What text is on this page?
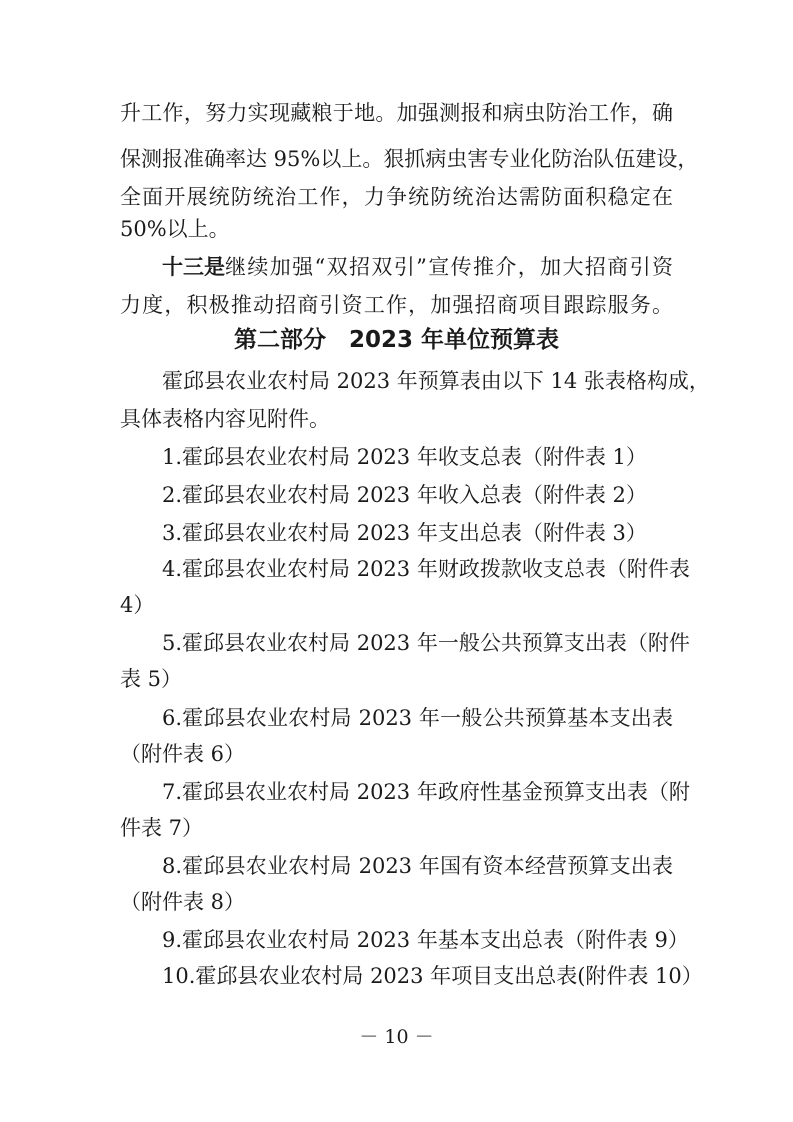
升工作，努力实现藏粮于地。加强测报和病虫防治工作，确
保测报准确率达 95%以上。狠抓病虫害专业化防治队伍建设，
全面开展统防统治工作，力争统防统治达需防面积稳定在
50%以上。
十三是 继续加强“双招双引”宣传推介，加大招商引资
力度，积极推动招商引资工作，加强招商项目跟踪服务。
第二部分　2023 年单位预算表
霍邱县农业农村局 2023 年预算表由以下 14 张表格构成，
具体表格内容见附件。
1.霍邱县农业农村局 2023 年收支总表（附件表 1）
2.霍邱县农业农村局 2023 年收入总表（附件表 2）
3.霍邱县农业农村局 2023 年支出总表（附件表 3）
4.霍邱县农业农村局 2023 年财政拨款收支总表（附件表
4）
5.霍邱县农业农村局 2023 年一般公共预算支出表（附件
表 5）
6.霍邱县农业农村局 2023 年一般公共预算基本支出表
（附件表 6）
7.霍邱县农业农村局 2023 年政府性基金预算支出表（附
件表 7）
8.霍邱县农业农村局 2023 年国有资本经营预算支出表
（附件表 8）
9.霍邱县农业农村局 2023 年基本支出总表（附件表 9）
10.霍邱县农业农村局 2023 年项目支出总表(附件表 10）
－ 10 －
